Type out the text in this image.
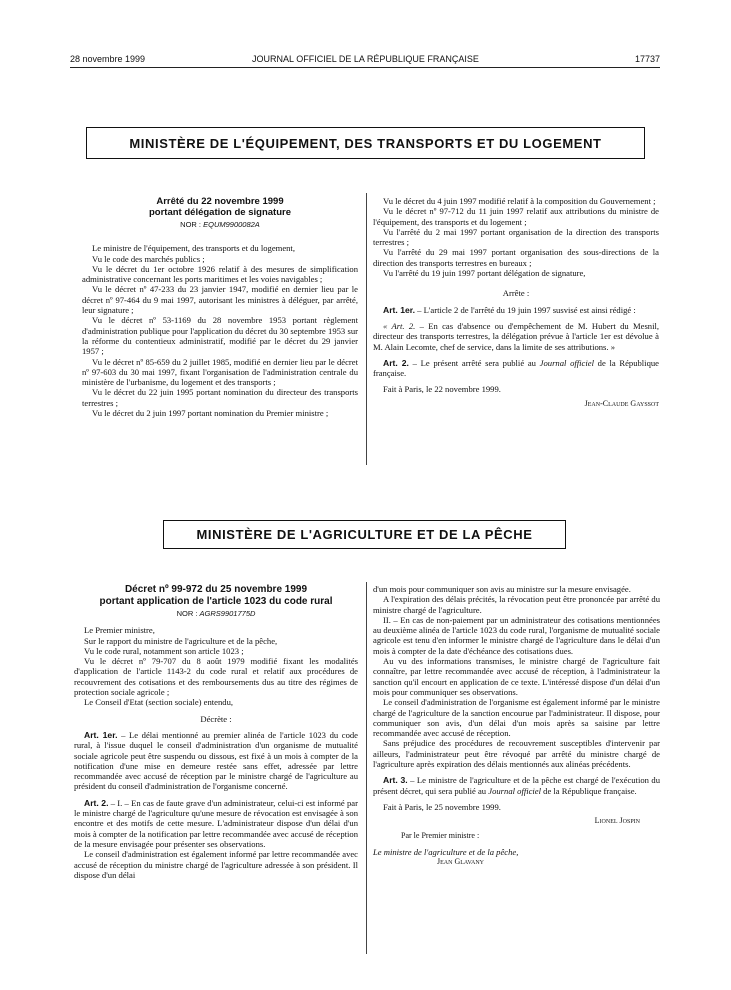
28 novembre 1999	JOURNAL OFFICIEL DE LA RÉPUBLIQUE FRANÇAISE	17737
MINISTÈRE DE L'ÉQUIPEMENT, DES TRANSPORTS ET DU LOGEMENT
Arrêté du 22 novembre 1999
portant délégation de signature
NOR : EQUM9900082A

Le ministre de l'équipement, des transports et du logement,

Vu le code des marchés publics ;

Vu le décret du 1er octobre 1926 relatif à des mesures de simplification administrative concernant les ports maritimes et les voies navigables ;

Vu le décret nº 47-233 du 23 janvier 1947, modifié en dernier lieu par le décret nº 97-464 du 9 mai 1997, autorisant les ministres à déléguer, par arrêté, leur signature ;

Vu le décret nº 53-1169 du 28 novembre 1953 portant règlement d'administration publique pour l'application du décret du 30 septembre 1953 sur la réforme du contentieux administratif, modifié par le décret du 29 janvier 1957 ;

Vu le décret nº 85-659 du 2 juillet 1985, modifié en dernier lieu par le décret nº 97-603 du 30 mai 1997, fixant l'organisation de l'administration centrale du ministère de l'urbanisme, du logement et des transports ;

Vu le décret du 22 juin 1995 portant nomination du directeur des transports terrestres ;

Vu le décret du 2 juin 1997 portant nomination du Premier ministre ;

Vu le décret du 4 juin 1997 modifié relatif à la composition du Gouvernement ;

Vu le décret nº 97-712 du 11 juin 1997 relatif aux attributions du ministre de l'équipement, des transports et du logement ;

Vu l'arrêté du 2 mai 1997 portant organisation de la direction des transports terrestres ;

Vu l'arrêté du 29 mai 1997 portant organisation des sous-directions de la direction des transports terrestres en bureaux ;

Vu l'arrêté du 19 juin 1997 portant délégation de signature,

Arrête :

Art. 1er. – L'article 2 de l'arrêté du 19 juin 1997 susvisé est ainsi rédigé :

« Art. 2. – En cas d'absence ou d'empêchement de M. Hubert du Mesnil, directeur des transports terrestres, la délégation prévue à l'article 1er est dévolue à M. Alain Lecomte, chef de service, dans la limite de ses attributions. »

Art. 2. – Le présent arrêté sera publié au Journal officiel de la République française.

Fait à Paris, le 22 novembre 1999.

Jean-Claude Gayssot
MINISTÈRE DE L'AGRICULTURE ET DE LA PÊCHE
Décret nº 99-972 du 25 novembre 1999
portant application de l'article 1023 du code rural
NOR : AGRS9901775D

Le Premier ministre,

Sur le rapport du ministre de l'agriculture et de la pêche,

Vu le code rural, notamment son article 1023 ;

Vu le décret nº 79-707 du 8 août 1979 modifié fixant les modalités d'application de l'article 1143-2 du code rural et relatif aux procédures de recouvrement des cotisations et des remboursements dus au titre des régimes de protection sociale agricole ;

Le Conseil d'Etat (section sociale) entendu,

Décrète :

Art. 1er. – Le délai mentionné au premier alinéa de l'article 1023 du code rural, à l'issue duquel le conseil d'administration d'un organisme de mutualité sociale agricole peut être suspendu ou dissous, est fixé à un mois à compter de la notification d'une mise en demeure restée sans effet, adressée par lettre recommandée avec accusé de réception par le ministre chargé de l'agriculture au président du conseil d'administration de l'organisme concerné.

Art. 2. – I. – En cas de faute grave d'un administrateur, celui-ci est informé par le ministre chargé de l'agriculture qu'une mesure de révocation est envisagée à son encontre et des motifs de cette mesure. L'administrateur dispose d'un délai d'un mois à compter de la notification par lettre recommandée avec accusé de réception de la mesure envisagée pour présenter ses observations.

Le conseil d'administration est également informé par lettre recommandée avec accusé de réception du ministre chargé de l'agriculture adressée à son président. Il dispose d'un délai

d'un mois pour communiquer son avis au ministre sur la mesure envisagée.

A l'expiration des délais précités, la révocation peut être prononcée par arrêté du ministre chargé de l'agriculture.

II. – En cas de non-paiement par un administrateur des cotisations mentionnées au deuxième alinéa de l'article 1023 du code rural, l'organisme de mutualité sociale agricole est tenu d'en informer le ministre chargé de l'agriculture dans le délai d'un mois à compter de la date d'échéance des cotisations dues.

Au vu des informations transmises, le ministre chargé de l'agriculture fait connaître, par lettre recommandée avec accusé de réception, à l'administrateur la sanction qu'il encourt en application de ce texte. L'intéressé dispose d'un délai d'un mois pour communiquer ses observations.

Le conseil d'administration de l'organisme est également informé par le ministre chargé de l'agriculture de la sanction encourue par l'administrateur. Il dispose, pour communiquer son avis, d'un délai d'un mois après sa saisine par lettre recommandée avec accusé de réception.

Sans préjudice des procédures de recouvrement susceptibles d'intervenir par ailleurs, l'administrateur peut être révoqué par arrêté du ministre chargé de l'agriculture après expiration des délais mentionnés aux alinéas précédents.

Art. 3. – Le ministre de l'agriculture et de la pêche est chargé de l'exécution du présent décret, qui sera publié au Journal officiel de la République française.

Fait à Paris, le 25 novembre 1999.

Lionel Jospin
Par le Premier ministre :
Le ministre de l'agriculture et de la pêche,
Jean Glavany
